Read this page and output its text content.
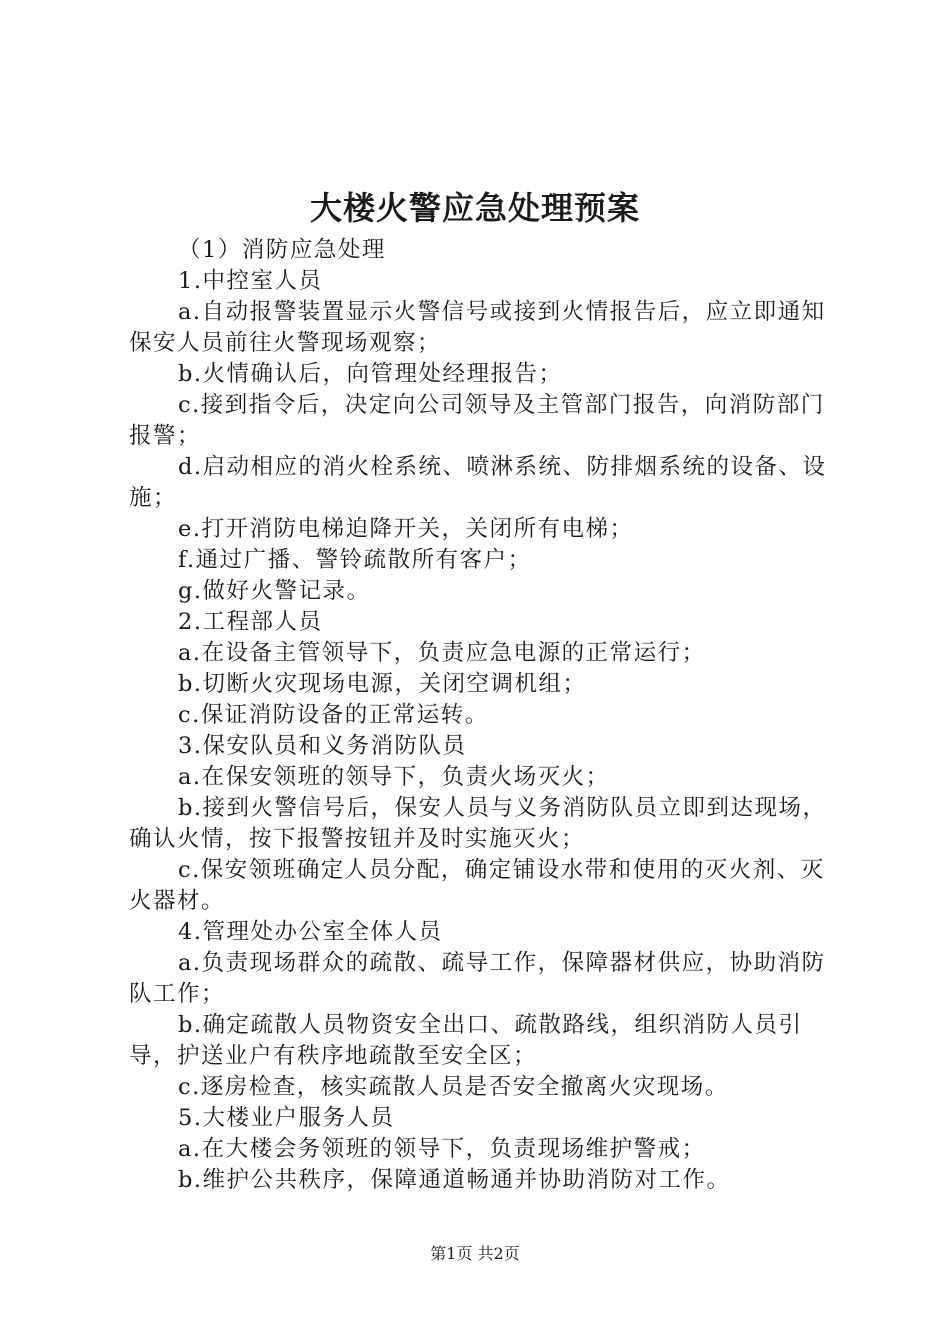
大楼火警应急处理预案

（1）消防应急处理

1.中控室人员

a.自动报警装置显示火警信号或接到火情报告后，应立即通知保安人员前往火警现场观察；

b.火情确认后，向管理处经理报告；

c.接到指令后，决定向公司领导及主管部门报告，向消防部门报警；

d.启动相应的消火栓系统、喷淋系统、防排烟系统的设备、设施；

e.打开消防电梯迫降开关，关闭所有电梯；

f.通过广播、警铃疏散所有客户；

g.做好火警记录。

2.工程部人员

a.在设备主管领导下，负责应急电源的正常运行；

b.切断火灾现场电源，关闭空调机组；

c.保证消防设备的正常运转。

3.保安队员和义务消防队员

a.在保安领班的领导下，负责火场灭火；

b.接到火警信号后，保安人员与义务消防队员立即到达现场，确认火情，按下报警按钮并及时实施灭火；

c.保安领班确定人员分配，确定铺设水带和使用的灭火剂、灭火器材。

4.管理处办公室全体人员

a.负责现场群众的疏散、疏导工作，保障器材供应，协助消防队工作；

b.确定疏散人员物资安全出口、疏散路线，组织消防人员引导，护送业户有秩序地疏散至安全区；

c.逐房检查，核实疏散人员是否安全撤离火灾现场。

5.大楼业户服务人员

a.在大楼会务领班的领导下，负责现场维护警戒；

b.维护公共秩序，保障通道畅通并协助消防对工作。

第1页 共2页
